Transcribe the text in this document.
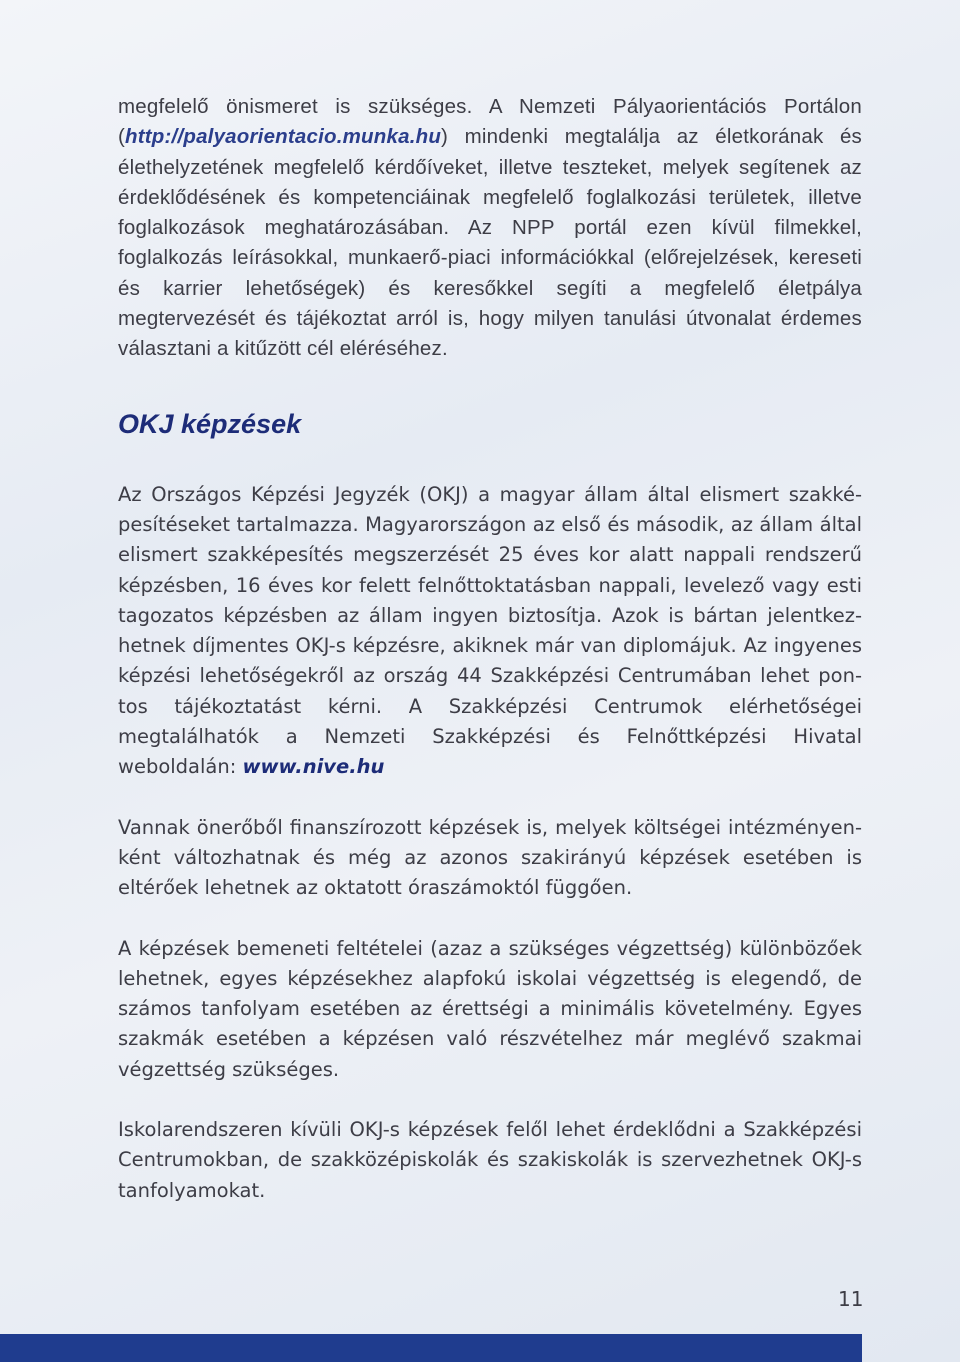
megfelelő önismeret is szükséges. A Nemzeti Pályaorientációs Portálon (http://palyaorientacio.munka.hu) mindenki megtalálja az életkorának és élethelyzetének megfelelő kérdőíveket, illetve teszteket, melyek segítenek az érdeklődésének és kompetenciáinak megfelelő foglalkozási területek, illetve foglalkozások meghatározásában. Az NPP portál ezen kívül filmekkel, foglalkozás leírásokkal, munkaerő-piaci információkkal (előrejelzések, kereseti és karrier lehetőségek) és keresőkkel segíti a megfelelő életpálya megtervezését és tájékoztat arról is, hogy milyen tanulási útvonalat érdemes választani a kitűzött cél eléréséhez.

OKJ képzések

Az Országos Képzési Jegyzék (OKJ) a magyar állam által elismert szakképesítéseket tartalmazza. Magyarországon az első és második, az állam által elismert szakképesítés megszerzését 25 éves kor alatt nappali rendszerű képzésben, 16 éves kor felett felnőttoktatásban nappali, levelező vagy esti tagozatos képzésben az állam ingyen biztosítja. Azok is bártan jelentkezhetnek díjmentes OKJ-s képzésre, akiknek már van diplomájuk. Az ingyenes képzési lehetőségekről az ország 44 Szakképzési Centrumában lehet pontos tájékoztatást kérni. A Szakképzési Centrumok elérhetőségei megtalálhatók a Nemzeti Szakképzési és Felnőttképzési Hivatal weboldalán: www.nive.hu

Vannak önerőből finanszírozott képzések is, melyek költségei intézményenként változhatnak és még az azonos szakirányú képzések esetében is eltérőek lehetnek az oktatott óraszámoktól függően.

A képzések bemeneti feltételei (azaz a szükséges végzettség) különbözőek lehetnek, egyes képzésekhez alapfokú iskolai végzettség is elegendő, de számos tanfolyam esetében az érettségi a minimális követelmény. Egyes szakmák esetében a képzésen való részvételhez már meglévő szakmai végzettség szükséges.

Iskolarendszeren kívüli OKJ-s képzések felől lehet érdeklődni a Szakképzési Centrumokban, de szakközépiskolák és szakiskolák is szervezhetnek OKJ-s tanfolyamokat.

11
